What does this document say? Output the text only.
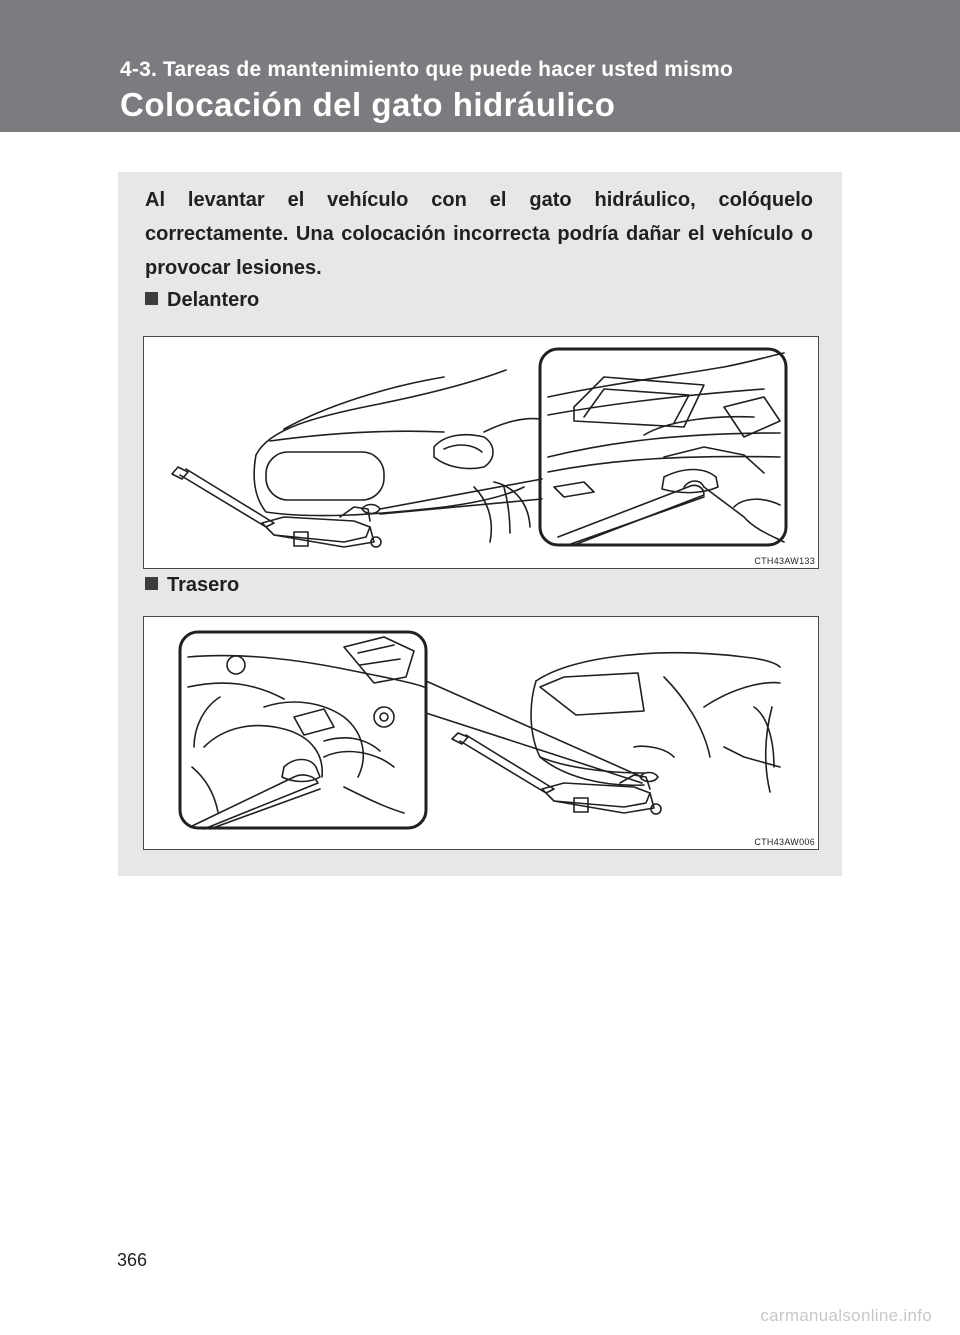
4-3. Tareas de mantenimiento que puede hacer usted mismo
Colocación del gato hidráulico

Al levantar el vehículo con el gato hidráulico, colóquelo correctamente. Una colocación incorrecta podría dañar el vehículo o provocar lesiones.

Delantero
CTH43AW133
Trasero
CTH43AW006
366
carmanualsonline.info
